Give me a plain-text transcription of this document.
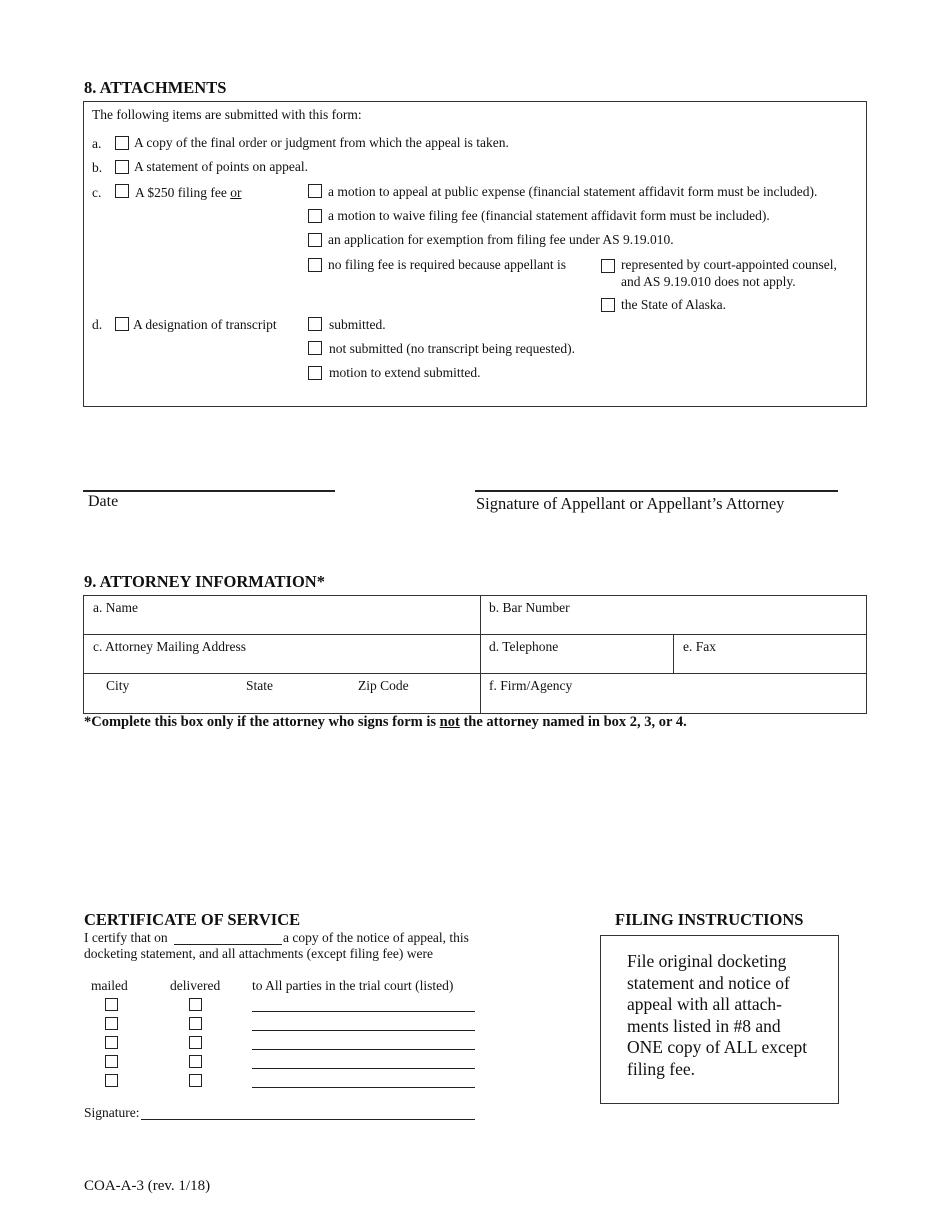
8. ATTACHMENTS
The following items are submitted with this form:
a. A copy of the final order or judgment from which the appeal is taken.
b. A statement of points on appeal.
c. A $250 filing fee or	a motion to appeal at public expense (financial statement affidavit form must be included).
a motion to waive filing fee (financial statement affidavit form must be included).
an application for exemption from filing fee under AS 9.19.010.
no filing fee is required because appellant is	represented by court-appointed counsel,
and AS 9.19.010 does not apply.
the State of Alaska.
d. A designation of transcript	submitted.
not submitted (no transcript being requested).
motion to extend submitted.
Date	Signature of Appellant or Appellant’s Attorney
9. ATTORNEY INFORMATION*
a. Name	b. Bar Number
c. Attorney Mailing Address	d. Telephone	e. Fax
City	State	Zip Code	f. Firm/Agency
*Complete this box only if the attorney who signs form is not the attorney named in box 2, 3, or 4.
CERTIFICATE OF SERVICE
I certify that on	a copy of the notice of appeal, this
docketing statement, and all attachments (except filing fee) were
mailed	delivered to All parties in the trial court (listed)
Signature:
FILING INSTRUCTIONS
File original docketing
statement and notice of
appeal with all attach-
ments listed in #8 and
ONE copy of ALL except
filing fee.
COA-A-3 (rev. 1/18)
